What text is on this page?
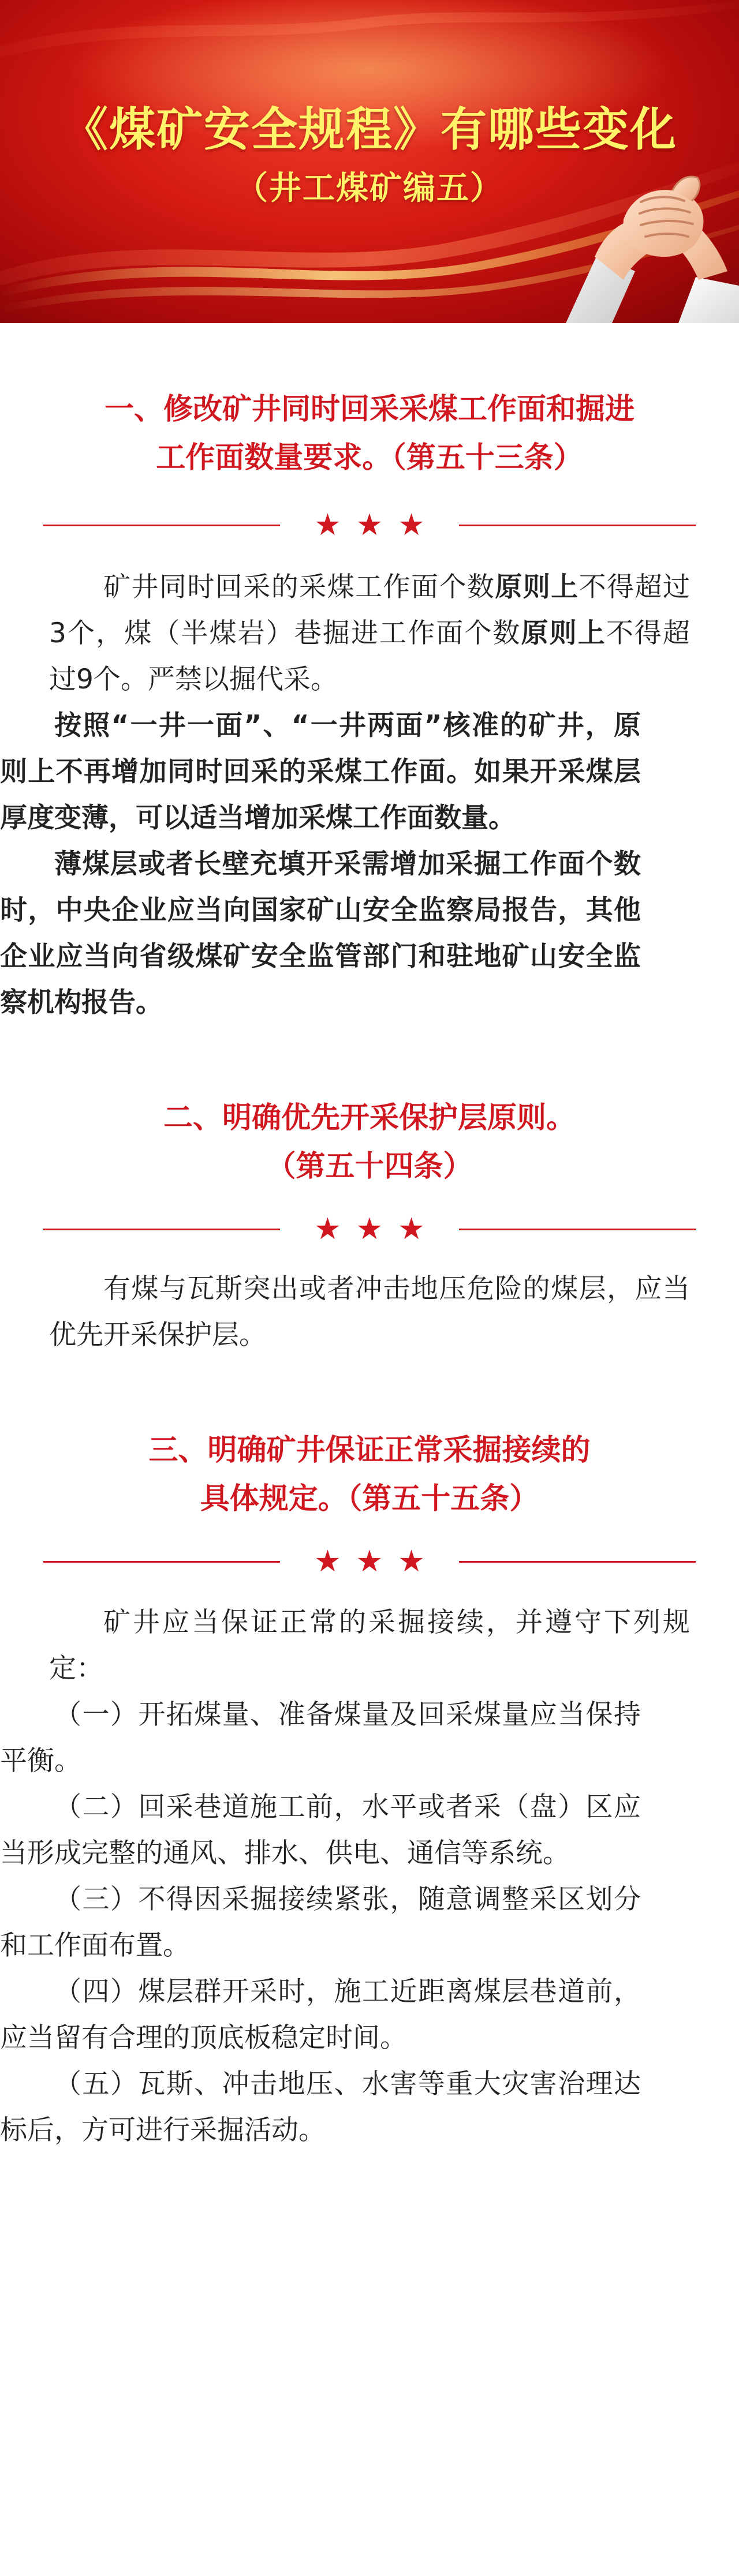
《煤矿安全规程》有哪些变化
（井工煤矿编五）
一、修改矿井同时回采采煤工作面和掘进
工作面数量要求。（第五十三条）
★★★

矿井同时回采的采煤工作面个数原则上不得超过3个，煤（半煤岩）巷掘进工作面个数原则上不得超过9个。严禁以掘代采。

按照“一井一面”、“一井两面”核准的矿井，原则上不再增加同时回采的采煤工作面。如果开采煤层厚度变薄，可以适当增加采煤工作面数量。

薄煤层或者长壁充填开采需增加采掘工作面个数时，中央企业应当向国家矿山安全监察局报告，其他企业应当向省级煤矿安全监管部门和驻地矿山安全监察机构报告。

二、明确优先开采保护层原则。
（第五十四条）
★★★

有煤与瓦斯突出或者冲击地压危险的煤层，应当优先开采保护层。

三、明确矿井保证正常采掘接续的
具体规定。（第五十五条）
★★★

矿井应当保证正常的采掘接续，并遵守下列规定：

（一）开拓煤量、准备煤量及回采煤量应当保持平衡。

（二）回采巷道施工前，水平或者采（盘）区应当形成完整的通风、排水、供电、通信等系统。

（三）不得因采掘接续紧张，随意调整采区划分和工作面布置。

（四）煤层群开采时，施工近距离煤层巷道前，应当留有合理的顶底板稳定时间。

（五）瓦斯、冲击地压、水害等重大灾害治理达标后，方可进行采掘活动。
